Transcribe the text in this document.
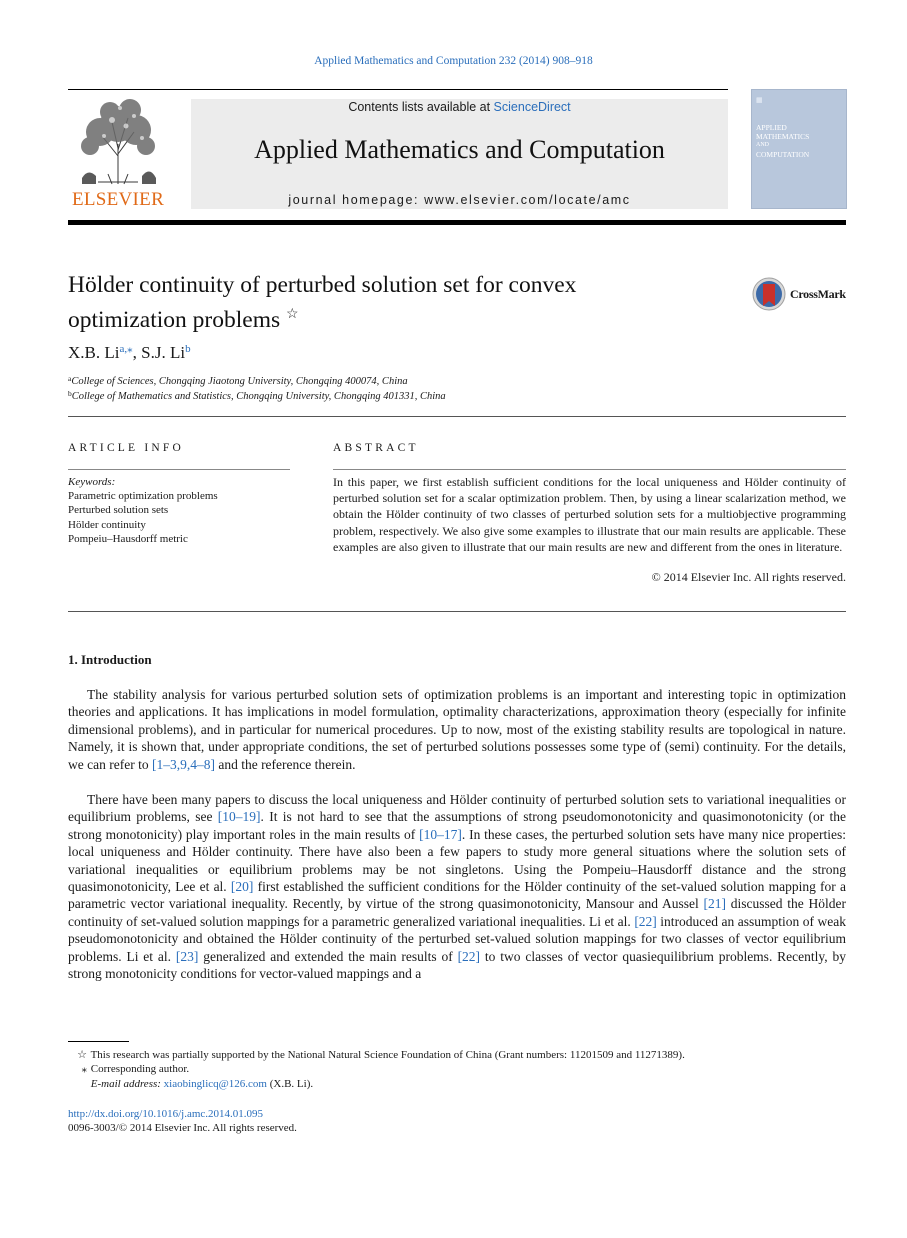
Applied Mathematics and Computation 232 (2014) 908–918
ELSEVIER
Contents lists available at ScienceDirect
Applied Mathematics and Computation
journal homepage: www.elsevier.com/locate/amc
▦
APPLIED
MATHEMATICS
AND
COMPUTATION
Hölder continuity of perturbed solution set for convex
optimization problems ☆
CrossMark
X.B. $Li^{a,⁎}$, S.J. Li$^b$
$^a$College of Sciences, Chongqing Jiaotong University, Chongqing 400074, China
$^b$College of Mathematics and Statistics, Chongqing University, Chongqing 401331, China
ARTICLE INFO
Keywords:
Parametric optimization problems
Perturbed solution sets
Hölder continuity
Pompeiu–Hausdorff metric
ABSTRACT
In this paper, we first establish sufficient conditions for the local uniqueness and Hölder continuity of perturbed solution set for a scalar optimization problem. Then, by using a linear scalarization method, we obtain the Hölder continuity of two classes of perturbed solution sets for a multiobjective programming problem, respectively. We also give some examples to illustrate that our main results are applicable. These examples are also given to illustrate that our main results are new and different from the ones in literature.
© 2014 Elsevier Inc. All rights reserved.
1. Introduction

The stability analysis for various perturbed solution sets of optimization problems is an important and interesting topic in optimization theories and applications. It has implications in model formulation, optimality characterizations, approximation theory (especially for infinite dimensional problems), and in particular for numerical procedures. Up to now, most of the existing stability results are topological in nature. Namely, it is shown that, under appropriate conditions, the set of perturbed solutions possesses some type of (semi) continuity. For the details, we can refer to [1–3,9,4–8] and the reference therein.

There have been many papers to discuss the local uniqueness and Hölder continuity of perturbed solution sets to variational inequalities or equilibrium problems, see [10–19]. It is not hard to see that the assumptions of strong pseudomonotonicity and quasimonotonicity (or the strong monotonicity) play important roles in the main results of [10–17]. In these cases, the perturbed solution sets have many nice properties: local uniqueness and Hölder continuity. There have also been a few papers to study more general situations where the solution sets of variational inequalities or equilibrium problems may be not singletons. Using the Pompeiu–Hausdorff distance and the strong quasimonotonicity, Lee et al. [20] first established the sufficient conditions for the Hölder continuity of the set-valued solution mapping for a parametric vector variational inequality. Recently, by virtue of the strong quasimonotonicity, Mansour and Aussel [21] discussed the Hölder continuity of set-valued solution mappings for a parametric generalized variational inequalities. Li et al. [22] introduced an assumption of weak pseudomonotonicity and obtained the Hölder continuity of the perturbed set-valued solution mappings for two classes of vector equilibrium problems. Li et al. [23] generalized and extended the main results of [22] to two classes of vector quasiequilibrium problems. Recently, by strong monotonicity conditions for vector-valued mappings and a

☆ This research was partially supported by the National Natural Science Foundation of China (Grant numbers: 11201509 and 11271389).
⁎ Corresponding author.
E-mail address: xiaobinglicq@126.com (X.B. Li).
http://dx.doi.org/10.1016/j.amc.2014.01.095
0096-3003/© 2014 Elsevier Inc. All rights reserved.
